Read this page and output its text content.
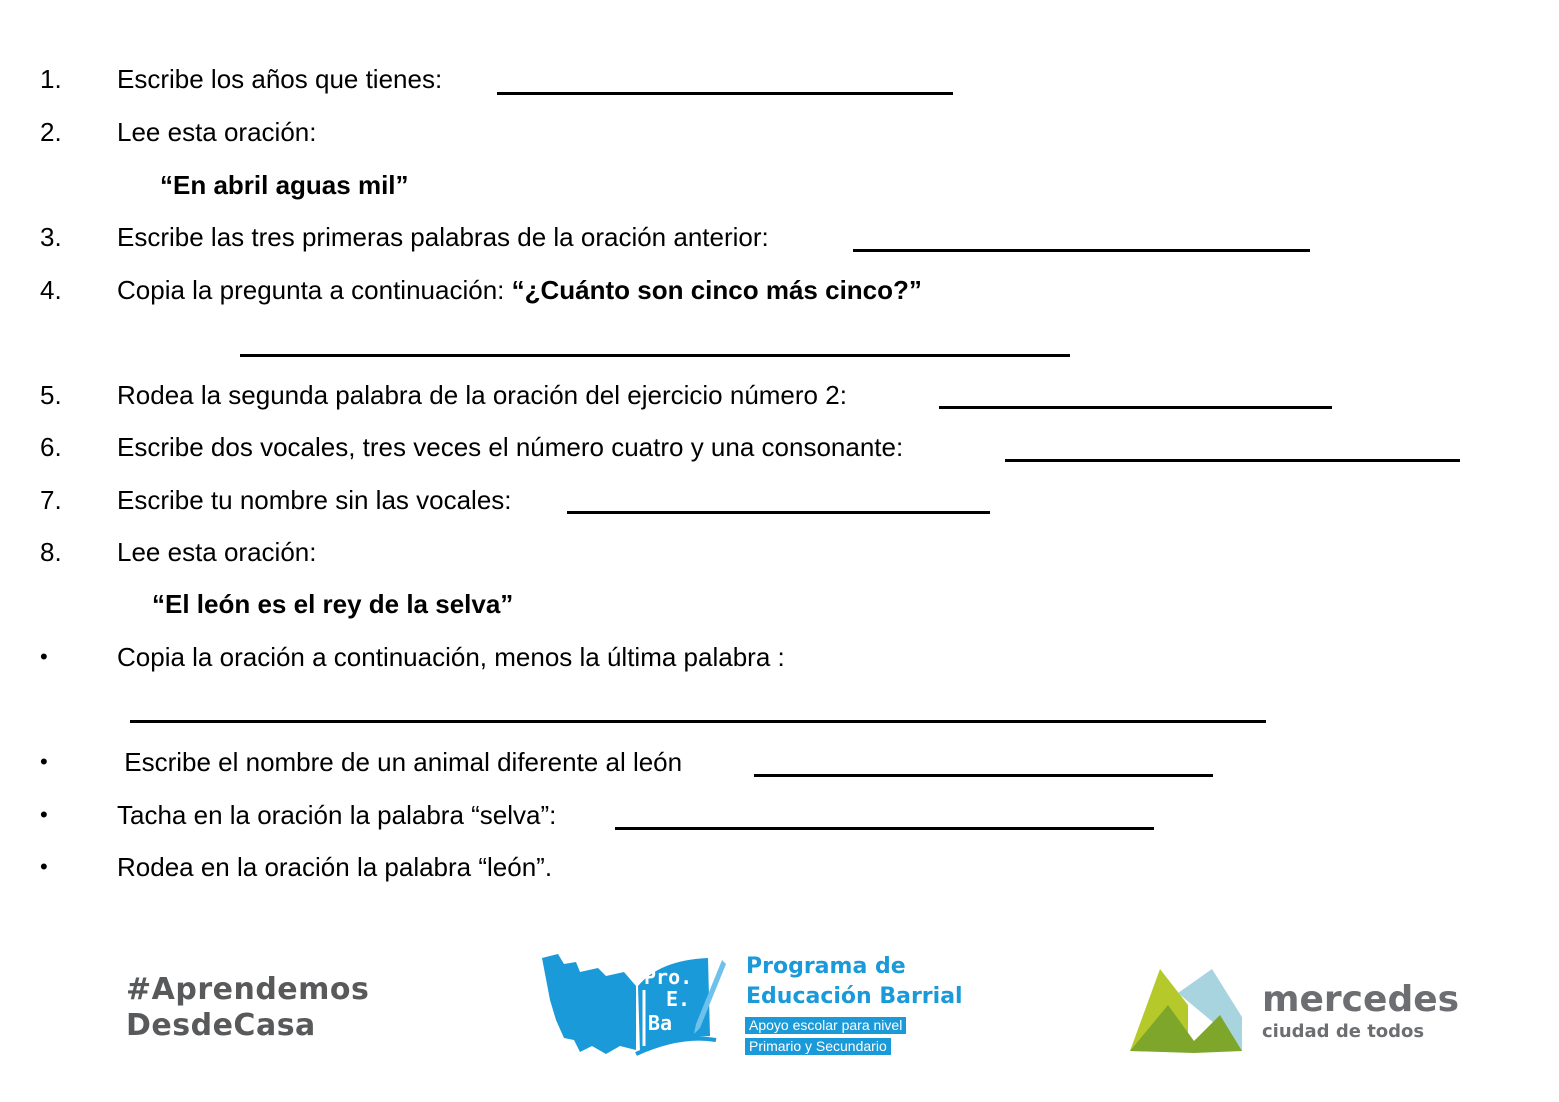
1. Escribe los años que tienes:
2. Lee esta oración:
“En abril aguas mil”
3. Escribe las tres primeras palabras de la oración anterior:
4. Copia la pregunta a continuación: “¿Cuánto son cinco más cinco?”
5. Rodea la segunda palabra de la oración del ejercicio número 2:
6. Escribe dos vocales, tres veces el número cuatro y una consonante:
7. Escribe tu nombre sin las vocales:
8. Lee esta oración:
“El león es el rey de la selva”
•	Copia la oración a continuación, menos la última palabra :
•	Escribe el nombre de un animal diferente al león
•	Tacha en la oración la palabra “selva”:
•	Rodea en la oración la palabra “león”.
#Aprendemos
DesdeCasa
Pro.
E.
Ba
Programa de
Educación Barrial
Apoyo escolar para nivel
Primario y Secundario
mercedes
ciudad de todos
